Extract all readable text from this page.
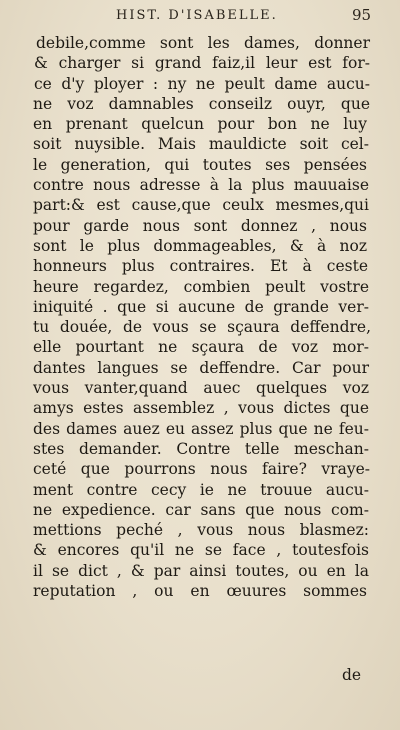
HIST. D'ISABELLE.	95
debile,comme sont les dames, donner
& charger si grand faiz,il leur est for-
ce d'y ployer : ny ne peult dame aucu-
ne voz damnables conseilz ouyr, que
en prenant quelcun pour bon ne luy
soit nuysible. Mais mauldicte soit cel-
le generation, qui toutes ses pensées
contre nous adresse à la plus mauuaise
part:& est cause,que ceulx mesmes,qui
pour garde nous sont donnez , nous
sont le plus dommageables, & à noz
honneurs plus contraires. Et à ceste
heure regardez, combien peult vostre
iniquité . que si aucune de grande ver-
tu douée, de vous se sçaura deffendre,
elle pourtant ne sçaura de voz mor-
dantes langues se deffendre. Car pour
vous vanter,quand auec quelques voz
amys estes assemblez , vous dictes que
des dames auez eu assez plus que ne feu-
stes demander. Contre telle meschan-
ceté que pourrons nous faire? vraye-
ment contre cecy ie ne trouue aucu-
ne expedience. car sans que nous com-
mettions peché , vous nous blasmez:
& encores qu'il ne se face , toutesfois
il se dict , & par ainsi toutes, ou en la
reputation , ou en œuures sommes
de
